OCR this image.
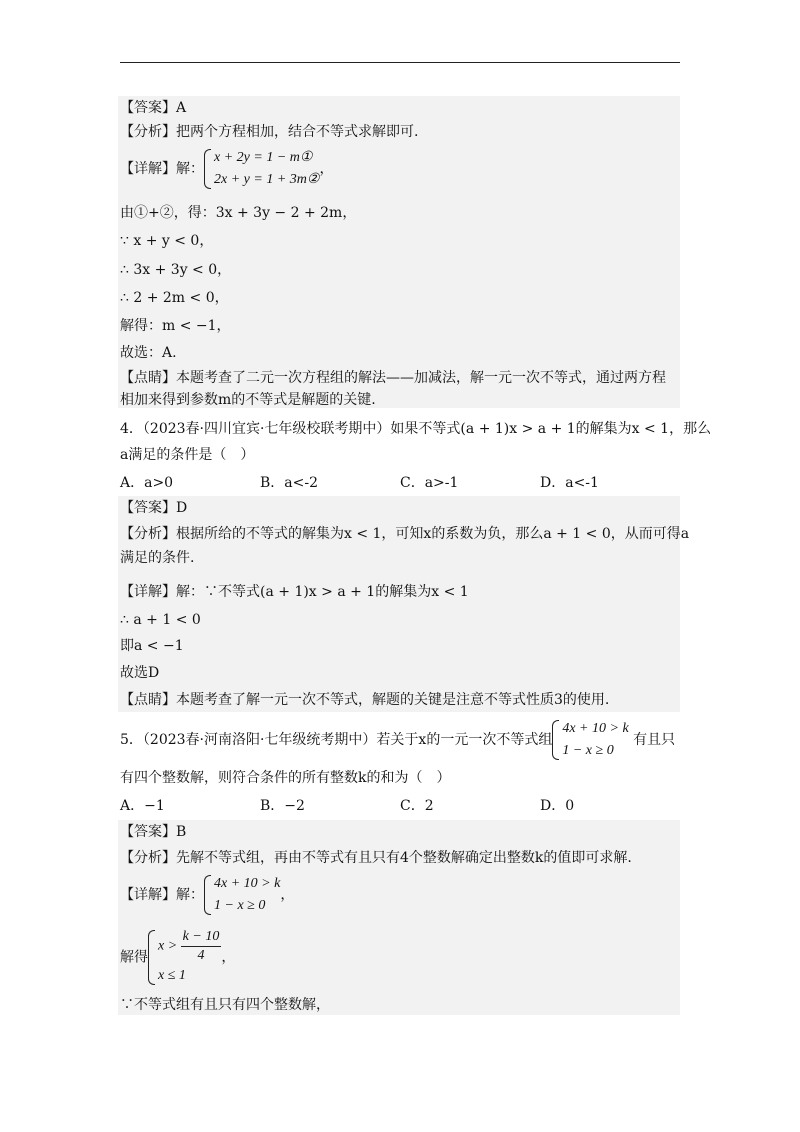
【答案】A
【分析】把两个方程相加，结合不等式求解即可.
【详解】解：
x + 2y = 1 − m①
2x + y = 1 + 3m②
，
由①+②，得：3x + 3y − 2 + 2m，
∵ x + y < 0，
∴ 3x + 3y < 0，
∴ 2 + 2m < 0，
解得：m < −1，
故选：A.
【点睛】本题考查了二元一次方程组的解法——加减法，解一元一次不等式，通过两方程
相加来得到参数m的不等式是解题的关键.
4．（2023春·四川宜宾·七年级校联考期中）如果不等式(a + 1)x > a + 1的解集为x < 1，那么
a满足的条件是（　）
A．a>0	B．a<-2	C．a>-1	D．a<-1
【答案】D
【分析】根据所给的不等式的解集为x < 1，可知x的系数为负，那么a + 1 < 0，从而可得a
满足的条件.
【详解】解：∵不等式(a + 1)x > a + 1的解集为x < 1
∴ a + 1 < 0
即a < −1
故选D
【点睛】本题考查了解一元一次不等式，解题的关键是注意不等式性质3的使用.
5．（2023春·河南洛阳·七年级统考期中）若关于x的一元一次不等式组
4x + 10 > k
1 − x ≥ 0
有且只
有四个整数解，则符合条件的所有整数k的和为（　）
A．−1	B．−2	C．2	D．0
【答案】B
【分析】先解不等式组，再由不等式有且只有4个整数解确定出整数k的值即可求解.
【详解】解：
4x + 10 > k
1 − x ≥ 0
，
解得
$x > \frac{k - 10}{4}$
x ≤ 1
，
∵不等式组有且只有四个整数解，
